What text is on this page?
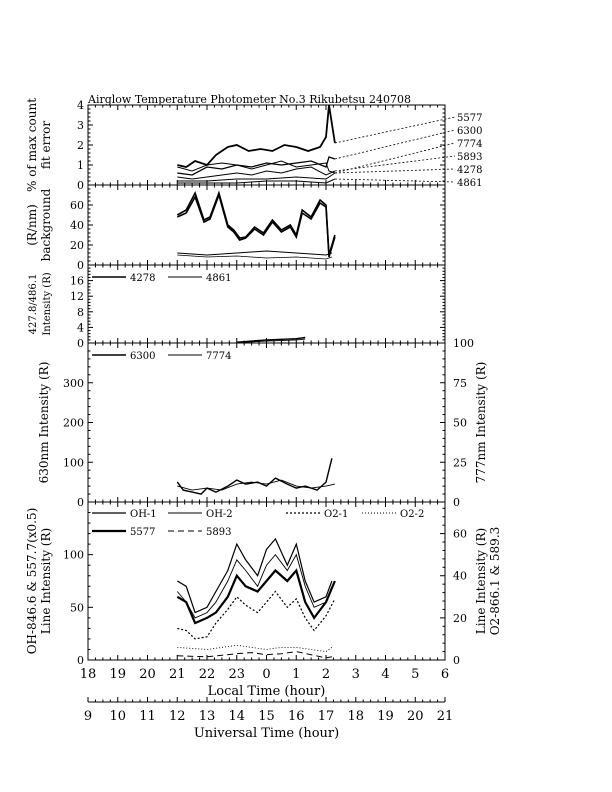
Airglow Temperature Photometer No.3 Rikubetsu 240708
0
1
2
3
4
fit error
% of max count	5577
6300
7774
5893
4278
4861
0
20
40
60
background
(R/nm)
0
4
8
12
16
Intensity (R)
427.8/486.1	4278	4861
0
100
200
300
0
25
50
75
100
777nm Intensity (R)
630nm Intensity (R)
6300	7774
0
50
100
0
20
40
60 Line Intensity (R) O2-866.1 & 589.3
Line Intensity (R)
OH-846.6 & 557.7(x0.5)	OH-1	OH-2	O2-1	O2-2
5577	5893
18 19 20 21 22 23 0 1 2 3 4 5 6
Local Time (hour)
9 10 11 12 13 14 15 16 17 18 19 20 21
Universal Time (hour)
